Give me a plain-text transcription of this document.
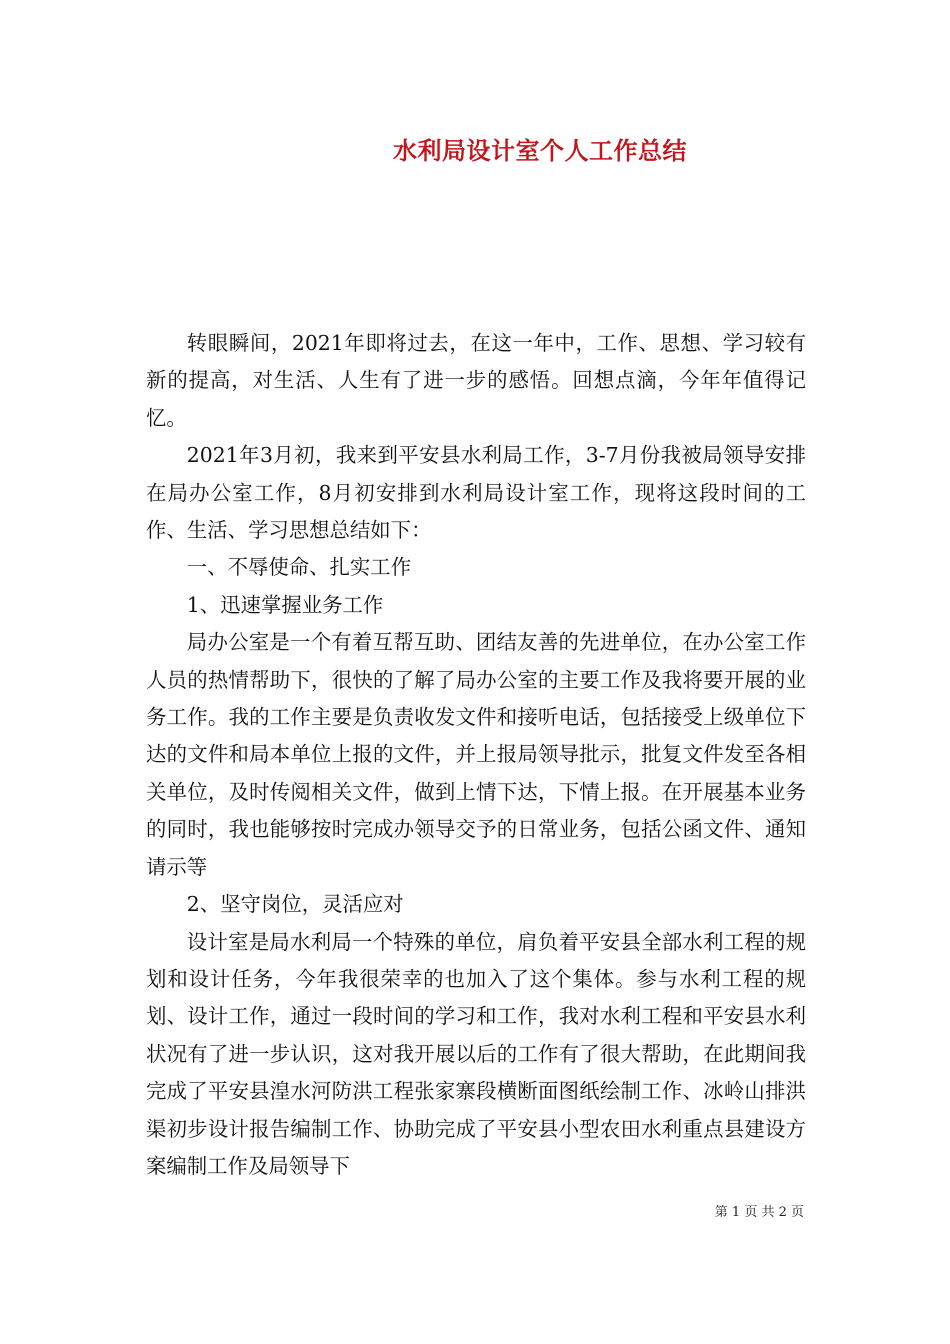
水利局设计室个人工作总结

转眼瞬间，2021年即将过去，在这一年中，工作、思想、学习较有新的提高，对生活、人生有了进一步的感悟。回想点滴，今年年值得记忆。

2021年3月初，我来到平安县水利局工作，3-7月份我被局领导安排在局办公室工作，8月初安排到水利局设计室工作，现将这段时间的工作、生活、学习思想总结如下：

一、不辱使命、扎实工作

1、迅速掌握业务工作

局办公室是一个有着互帮互助、团结友善的先进单位，在办公室工作人员的热情帮助下，很快的了解了局办公室的主要工作及我将要开展的业务工作。我的工作主要是负责收发文件和接听电话，包括接受上级单位下达的文件和局本单位上报的文件，并上报局领导批示，批复文件发至各相关单位，及时传阅相关文件，做到上情下达，下情上报。在开展基本业务的同时，我也能够按时完成办领导交予的日常业务，包括公函文件、通知请示等

2、坚守岗位，灵活应对

设计室是局水利局一个特殊的单位，肩负着平安县全部水利工程的规划和设计任务，今年我很荣幸的也加入了这个集体。参与水利工程的规划、设计工作，通过一段时间的学习和工作，我对水利工程和平安县水利状况有了进一步认识，这对我开展以后的工作有了很大帮助，在此期间我完成了平安县湟水河防洪工程张家寨段横断面图纸绘制工作、冰岭山排洪渠初步设计报告编制工作、协助完成了平安县小型农田水利重点县建设方案编制工作及局领导下

第 1 页 共 2 页
